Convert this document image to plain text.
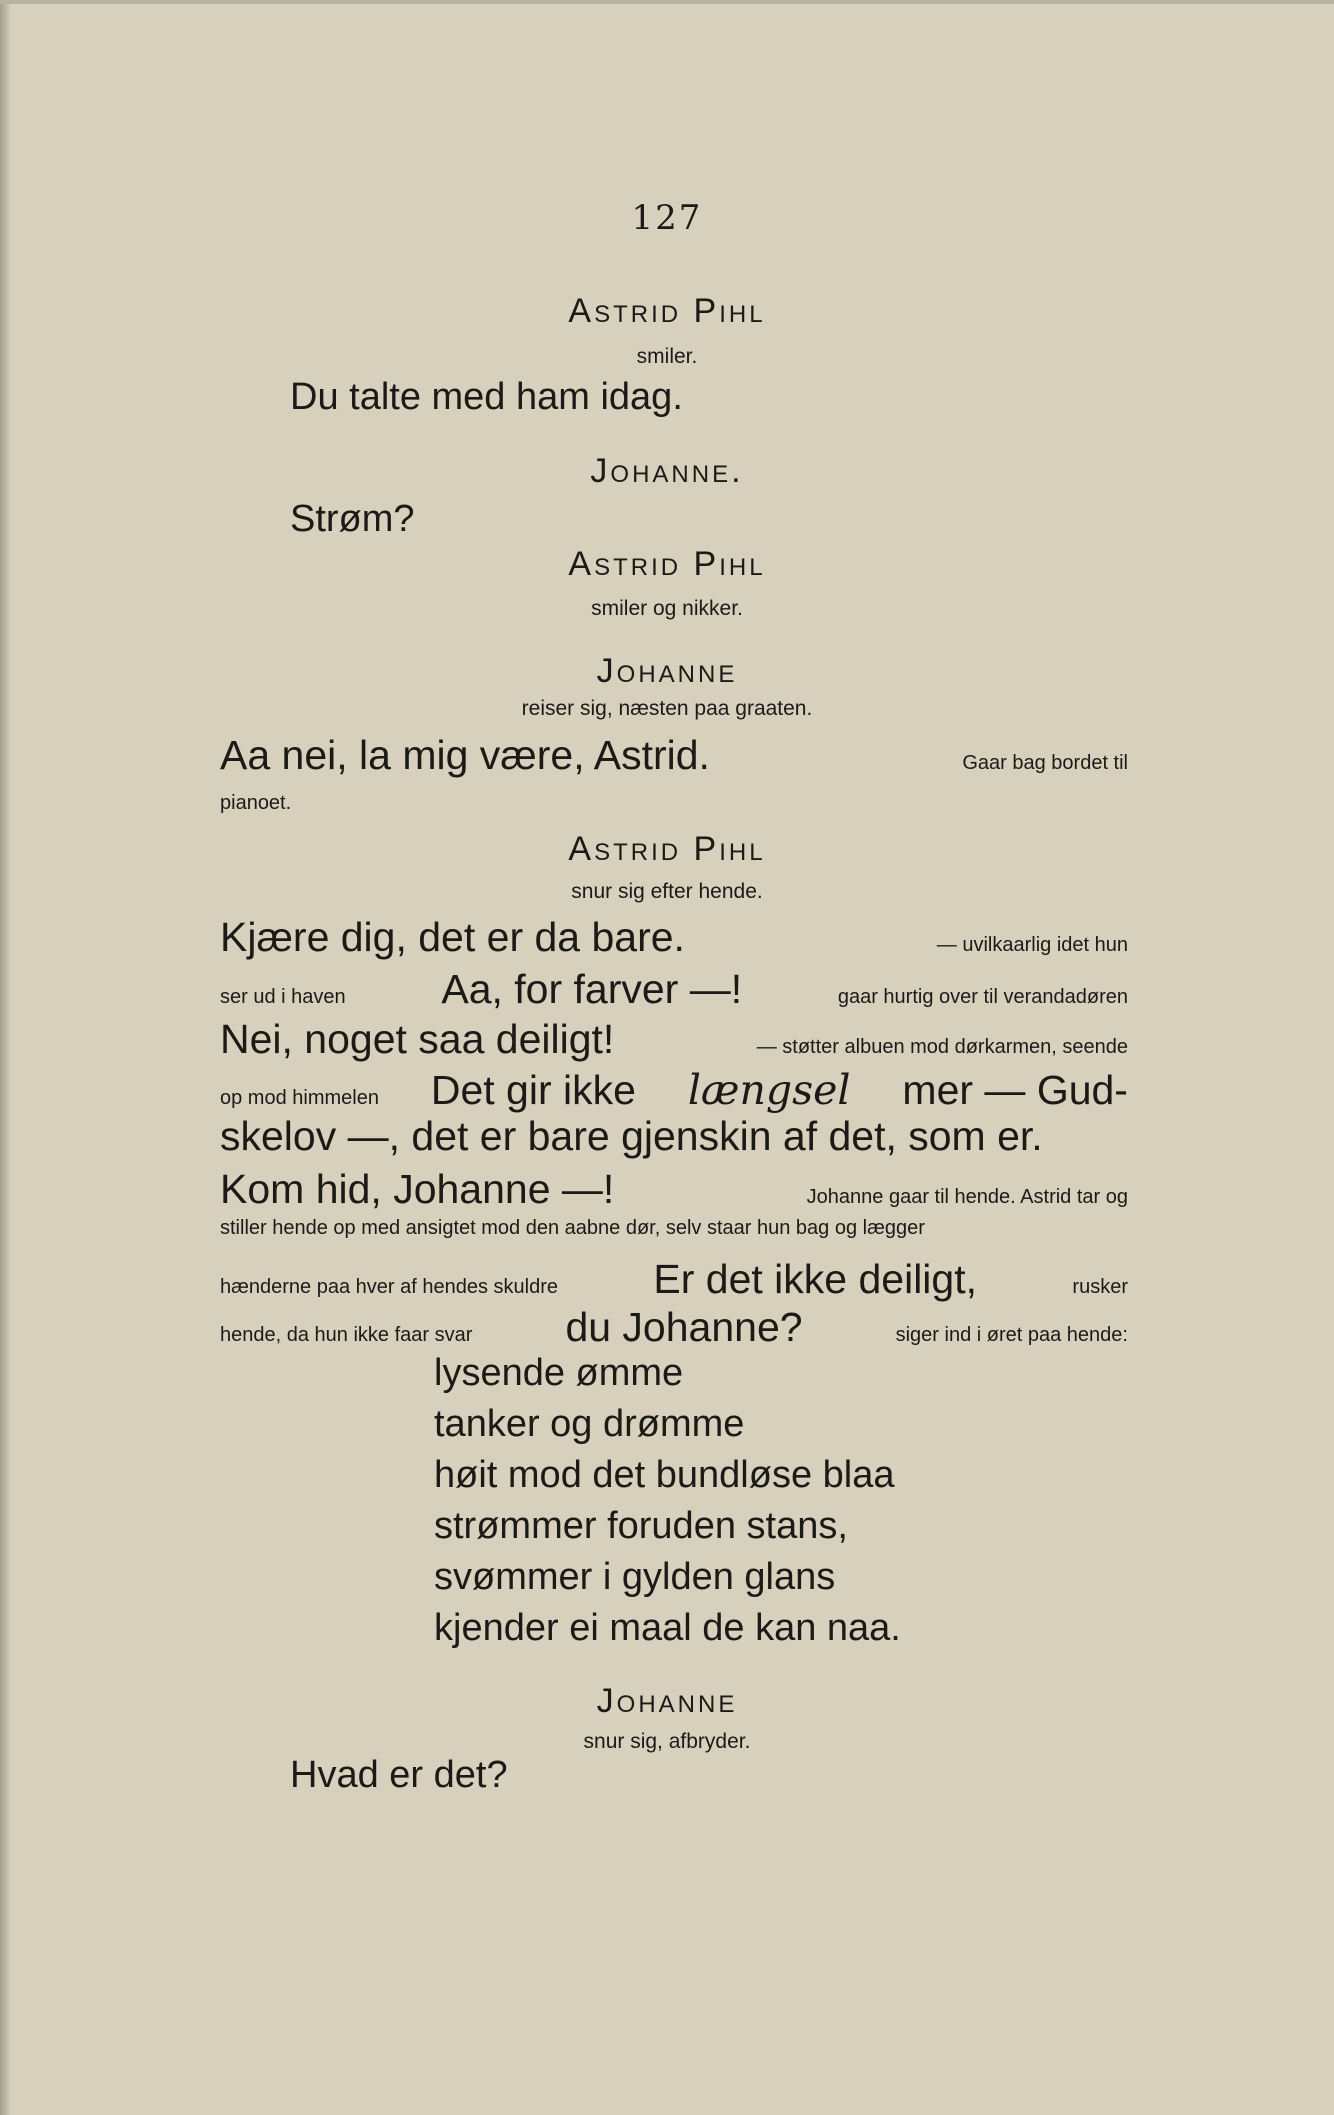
127
Astrid Pihl
smiler.
Du talte med ham idag.
Johanne.
Strøm?
Astrid Pihl
smiler og nikker.
Johanne
reiser sig, næsten paa graaten.
Aa nei, la mig være, Astrid.	Gaar bag bordet til
pianoet.
Astrid Pihl
snur sig efter hende.
Kjære dig, det er da bare.	— uvilkaarlig idet hun
ser ud i haven Aa, for farver —!	gaar hurtig over til verandadøren
Nei, noget saa deiligt!	— støtter albuen mod dørkarmen, seende
op mod himmelen Det gir ikke længsel mer — Gud-
skelov —, det er bare gjenskin af det, som er.
Kom hid, Johanne —!	Johanne gaar til hende. Astrid tar og
stiller hende op med ansigtet mod den aabne dør, selv staar hun bag og lægger
hænderne paa hver af hendes skuldre Er det ikke deiligt,	rusker
hende, da hun ikke faar svar du Johanne?	siger ind i øret paa hende:
lysende ømme
tanker og drømme
høit mod det bundløse blaa
strømmer foruden stans,
svømmer i gylden glans
kjender ei maal de kan naa.
Johanne
snur sig, afbryder.
Hvad er det?
